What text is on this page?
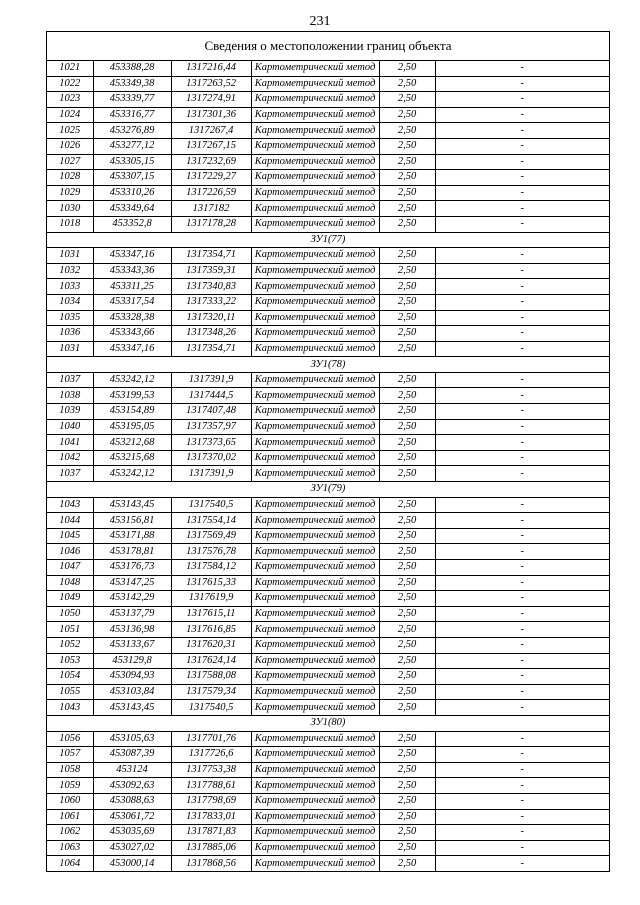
231
Сведения о местоположении границ объекта
1021	453388,28	1317216,44	Картометрический метод	2,50	-
1022	453349,38	1317263,52	Картометрический метод	2,50	-
1023	453339,77	1317274,91	Картометрический метод	2,50	-
1024	453316,77	1317301,36	Картометрический метод	2,50	-
1025	453276,89	1317267,4	Картометрический метод	2,50	-
1026	453277,12	1317267,15	Картометрический метод	2,50	-
1027	453305,15	1317232,69	Картометрический метод	2,50	-
1028	453307,15	1317229,27	Картометрический метод	2,50	-
1029	453310,26	1317226,59	Картометрический метод	2,50	-
1030	453349,64	1317182	Картометрический метод	2,50	-
1018	453352,8	1317178,28	Картометрический метод	2,50	-
ЗУ1(77)					
1031	453347,16	1317354,71	Картометрический метод	2,50	-
1032	453343,36	1317359,31	Картометрический метод	2,50	-
1033	453311,25	1317340,83	Картометрический метод	2,50	-
1034	453317,54	1317333,22	Картометрический метод	2,50	-
1035	453328,38	1317320,11	Картометрический метод	2,50	-
1036	453343,66	1317348,26	Картометрический метод	2,50	-
1031	453347,16	1317354,71	Картометрический метод	2,50	-
ЗУ1(78)					
1037	453242,12	1317391,9	Картометрический метод	2,50	-
1038	453199,53	1317444,5	Картометрический метод	2,50	-
1039	453154,89	1317407,48	Картометрический метод	2,50	-
1040	453195,05	1317357,97	Картометрический метод	2,50	-
1041	453212,68	1317373,65	Картометрический метод	2,50	-
1042	453215,68	1317370,02	Картометрический метод	2,50	-
1037	453242,12	1317391,9	Картометрический метод	2,50	-
ЗУ1(79)					
1043	453143,45	1317540,5	Картометрический метод	2,50	-
1044	453156,81	1317554,14	Картометрический метод	2,50	-
1045	453171,88	1317569,49	Картометрический метод	2,50	-
1046	453178,81	1317576,78	Картометрический метод	2,50	-
1047	453176,73	1317584,12	Картометрический метод	2,50	-
1048	453147,25	1317615,33	Картометрический метод	2,50	-
1049	453142,29	1317619,9	Картометрический метод	2,50	-
1050	453137,79	1317615,11	Картометрический метод	2,50	-
1051	453136,98	1317616,85	Картометрический метод	2,50	-
1052	453133,67	1317620,31	Картометрический метод	2,50	-
1053	453129,8	1317624,14	Картометрический метод	2,50	-
1054	453094,93	1317588,08	Картометрический метод	2,50	-
1055	453103,84	1317579,34	Картометрический метод	2,50	-
1043	453143,45	1317540,5	Картометрический метод	2,50	-
ЗУ1(80)					
1056	453105,63	1317701,76	Картометрический метод	2,50	-
1057	453087,39	1317726,6	Картометрический метод	2,50	-
1058	453124	1317753,38	Картометрический метод	2,50	-
1059	453092,63	1317788,61	Картометрический метод	2,50	-
1060	453088,63	1317798,69	Картометрический метод	2,50	-
1061	453061,72	1317833,01	Картометрический метод	2,50	-
1062	453035,69	1317871,83	Картометрический метод	2,50	-
1063	453027,02	1317885,06	Картометрический метод	2,50	-
1064	453000,14	1317868,56	Картометрический метод	2,50	-
